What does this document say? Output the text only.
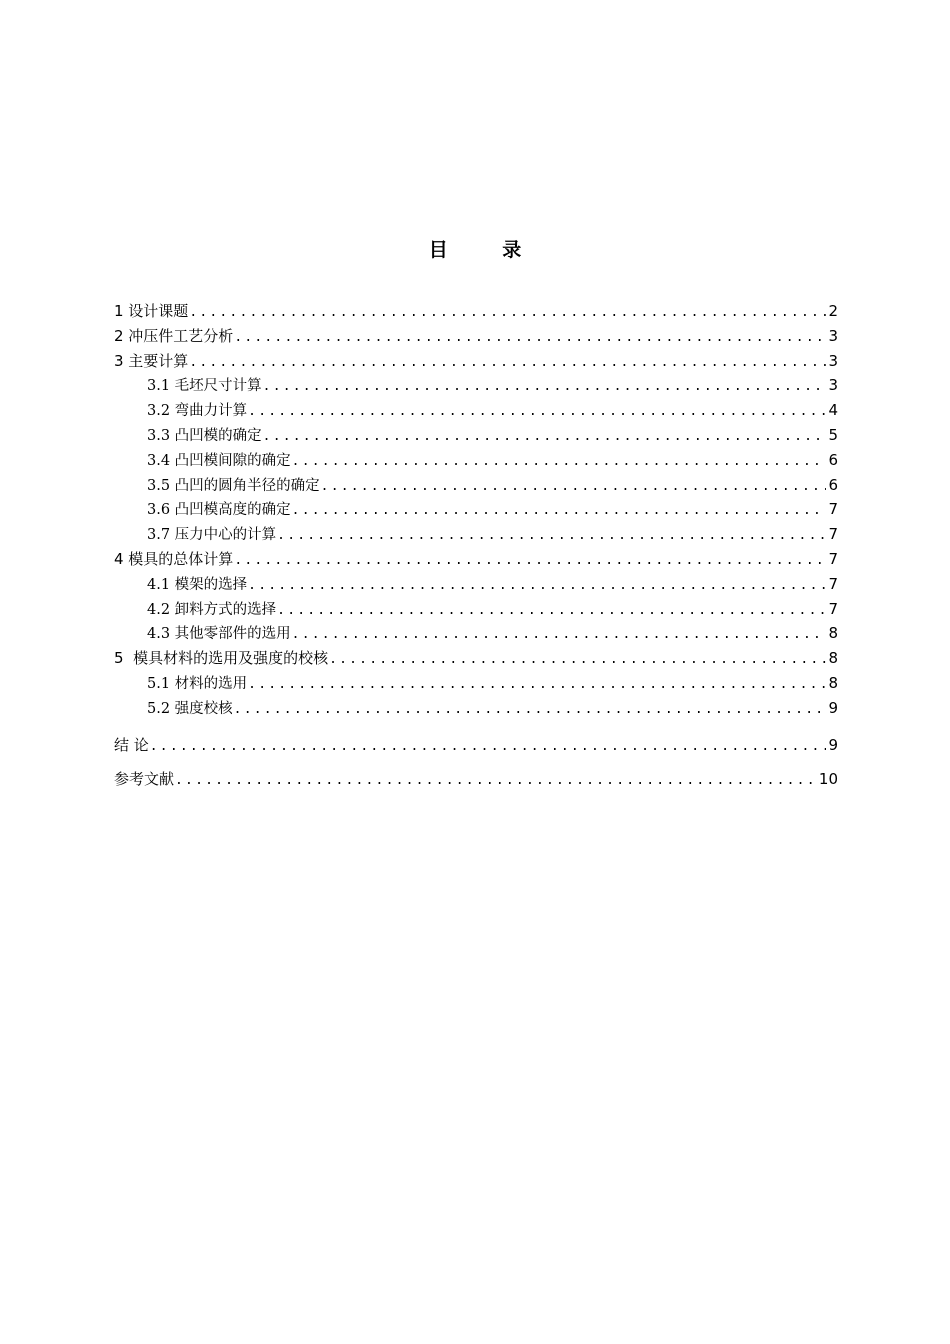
目 录
1 设计课题 .....	2
2 冲压件工艺分析 .....	3
3 主要计算 .....	3
3.1 毛坯尺寸计算 .....	3
3.2 弯曲力计算 .....	4
3.3 凸凹模的确定 .....	5
3.4 凸凹模间隙的确定 .....	6
3.5 凸凹的圆角半径的确定 .....	6
3.6 凸凹模高度的确定 .....	7
3.7 压力中心的计算 .....	7
4 模具的总体计算 .....	7
4.1 模架的选择 .....	7
4.2 卸料方式的选择 .....	7
4.3 其他零部件的选用 .....	8
5  模具材料的选用及强度的校核 .....	8
5.1 材料的选用 .....	8
5.2 强度校核 .....	9
结 论 .....	9
参考文献 .....	10
